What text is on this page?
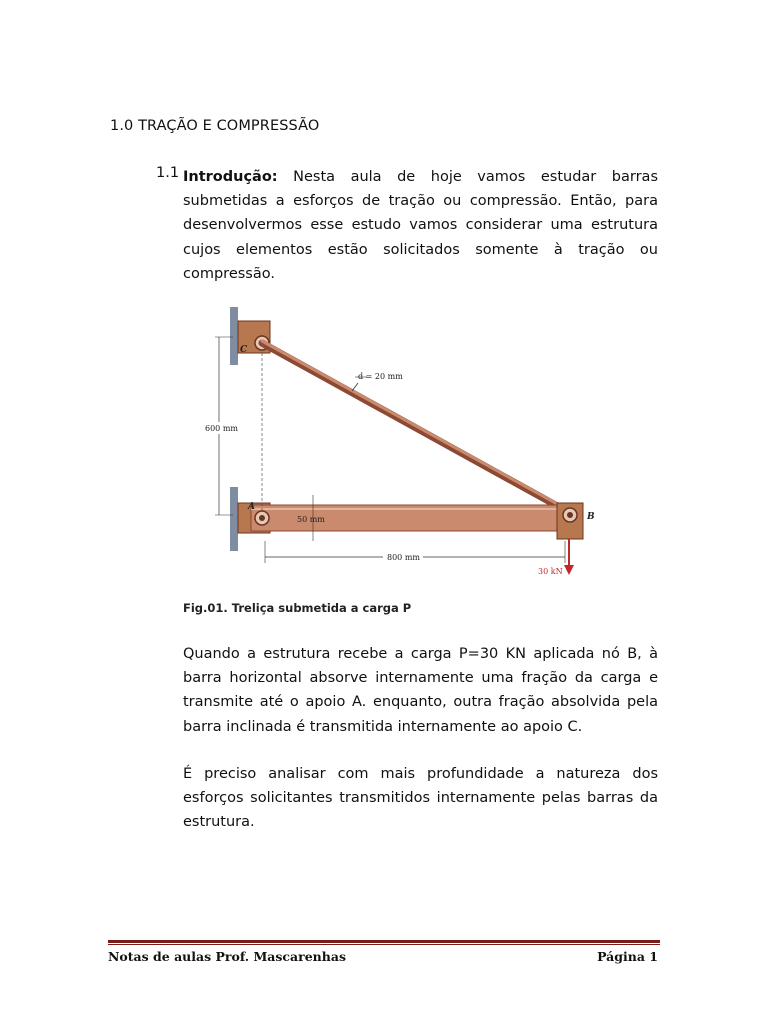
1.0 TRAÇÃO E COMPRESSÃO
1.1 Introdução: Nesta aula de hoje vamos estudar barras submetidas a esforços de tração ou compressão. Então, para desenvolvermos esse estudo vamos considerar uma estrutura cujos elementos estão solicitados somente à tração ou compressão.

600 mm
50 mm
800 mm
d = 20 mm
C
A
B
30 kN
Fig.01. Treliça submetida a carga P

Quando a estrutura recebe a carga P=30 KN aplicada nó B, à barra horizontal absorve internamente uma fração da carga e transmite até o apoio A. enquanto, outra fração absolvida pela barra inclinada é transmitida internamente ao apoio C.

É preciso analisar com mais profundidade a natureza dos esforços solicitantes transmitidos internamente pelas barras da estrutura.

Notas de aulas Prof. Mascarenhas	Página 1
